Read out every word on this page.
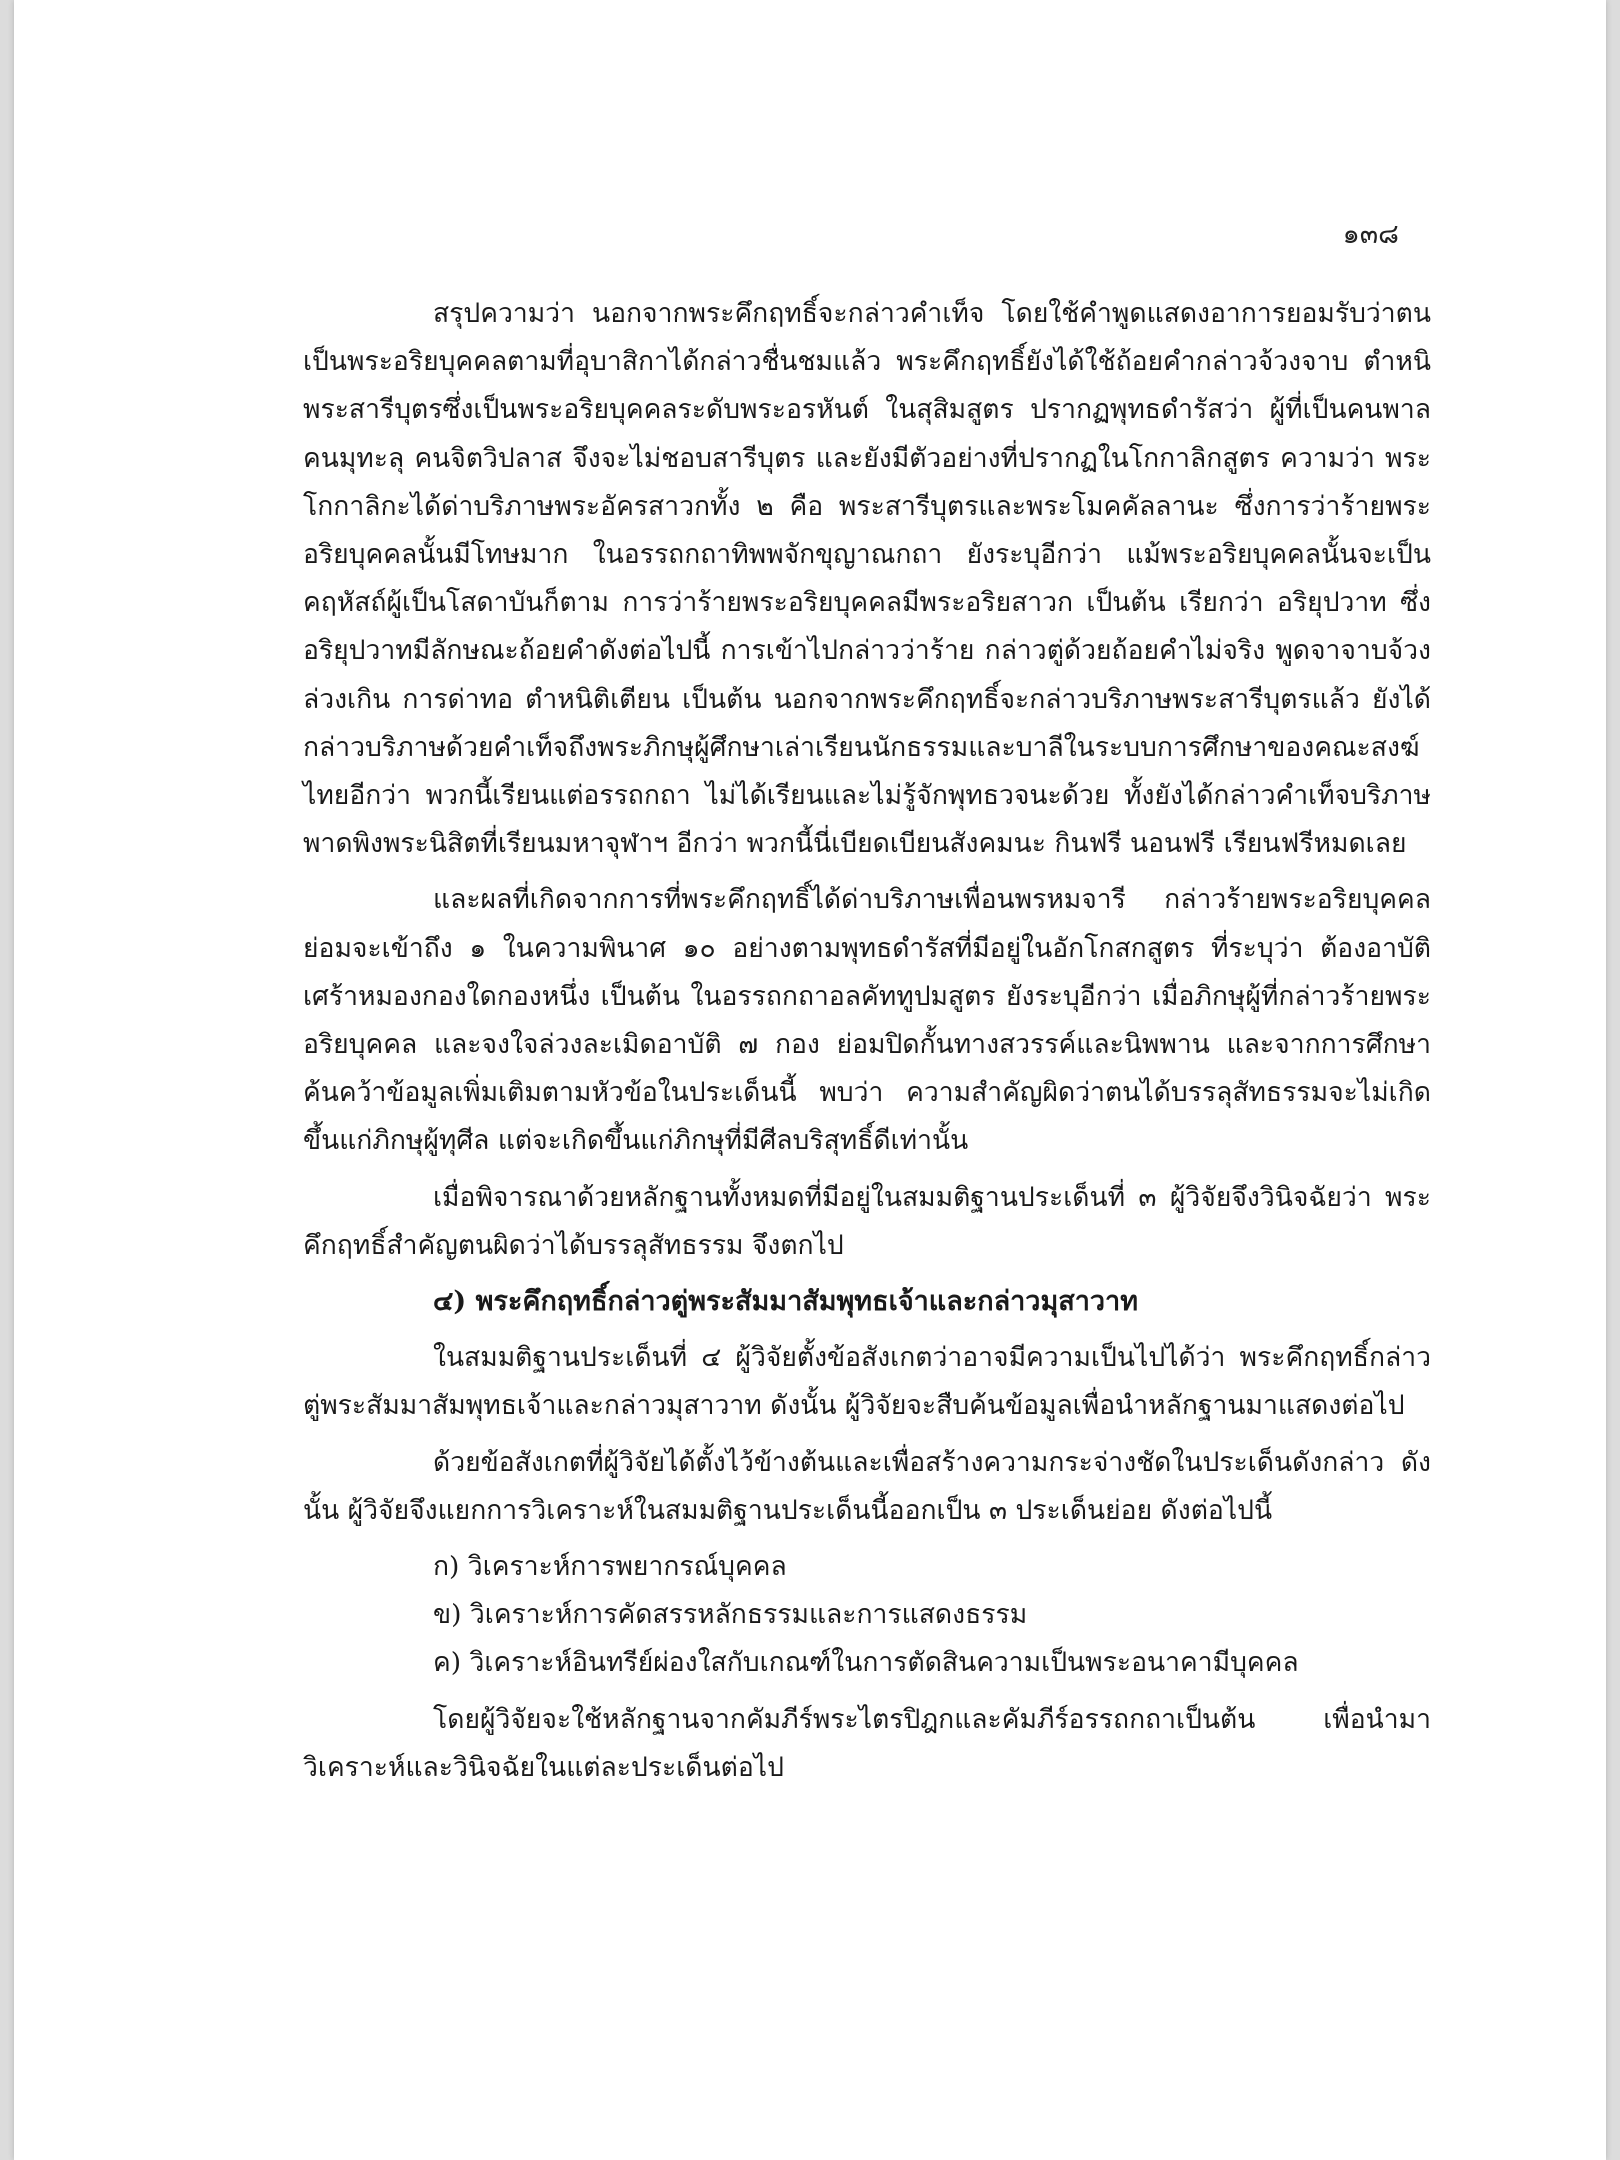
๑๓๘

สรุปความว่า นอกจากพระคึกฤทธิ์จะกล่าวคำเท็จ โดยใช้คำพูดแสดงอาการยอมรับว่าตนเป็นพระอริยบุคคลตามที่อุบาสิกาได้กล่าวชื่นชมแล้ว พระคึกฤทธิ์ยังได้ใช้ถ้อยคำกล่าวจ้วงจาบ ตำหนิพระสารีบุตรซึ่งเป็นพระอริยบุคคลระดับพระอรหันต์ ในสุสิมสูตร ปรากฏพุทธดำรัสว่า ผู้ที่เป็นคนพาล คนมุทะลุ คนจิตวิปลาส จึงจะไม่ชอบสารีบุตร และยังมีตัวอย่างที่ปรากฏในโกกาลิกสูตร ความว่า พระโกกาลิกะได้ด่าบริภาษพระอัครสาวกทั้ง ๒ คือ พระสารีบุตรและพระโมคคัลลานะ ซึ่งการว่าร้ายพระอริยบุคคลนั้นมีโทษมาก ในอรรถกถาทิพพจักขุญาณกถา ยังระบุอีกว่า แม้พระอริยบุคคลนั้นจะเป็นคฤหัสถ์ผู้เป็นโสดาบันก็ตาม การว่าร้ายพระอริยบุคคลมีพระอริยสาวก เป็นต้น เรียกว่า อริยุปวาท ซึ่งอริยุปวาทมีลักษณะถ้อยคำดังต่อไปนี้ การเข้าไปกล่าวว่าร้าย กล่าวตู่ด้วยถ้อยคำไม่จริง พูดจาจาบจ้วงล่วงเกิน การด่าทอ ตำหนิติเตียน เป็นต้น นอกจากพระคึกฤทธิ์จะกล่าวบริภาษพระสารีบุตรแล้ว ยังได้กล่าวบริภาษด้วยคำเท็จถึงพระภิกษุผู้ศึกษาเล่าเรียนนักธรรมและบาลีในระบบการศึกษาของคณะสงฆ์ไทยอีกว่า พวกนี้เรียนแต่อรรถกถา ไม่ได้เรียนและไม่รู้จักพุทธวจนะด้วย ทั้งยังได้กล่าวคำเท็จบริภาษพาดพิงพระนิสิตที่เรียนมหาจุฬาฯ อีกว่า พวกนี้นี่เบียดเบียนสังคมนะ กินฟรี นอนฟรี เรียนฟรีหมดเลย

และผลที่เกิดจากการที่พระคึกฤทธิ์ได้ด่าบริภาษเพื่อนพรหมจารี กล่าวร้ายพระอริยบุคคล ย่อมจะเข้าถึง ๑ ในความพินาศ ๑๐ อย่างตามพุทธดำรัสที่มีอยู่ในอักโกสกสูตร ที่ระบุว่า ต้องอาบัติเศร้าหมองกองใดกองหนึ่ง เป็นต้น ในอรรถกถาอลคัททูปมสูตร ยังระบุอีกว่า เมื่อภิกษุผู้ที่กล่าวร้ายพระอริยบุคคล และจงใจล่วงละเมิดอาบัติ ๗ กอง ย่อมปิดกั้นทางสวรรค์และนิพพาน และจากการศึกษาค้นคว้าข้อมูลเพิ่มเติมตามหัวข้อในประเด็นนี้ พบว่า ความสำคัญผิดว่าตนได้บรรลุสัทธรรมจะไม่เกิดขึ้นแก่ภิกษุผู้ทุศีล แต่จะเกิดขึ้นแก่ภิกษุที่มีศีลบริสุทธิ์ดีเท่านั้น

เมื่อพิจารณาด้วยหลักฐานทั้งหมดที่มีอยู่ในสมมติฐานประเด็นที่ ๓ ผู้วิจัยจึงวินิจฉัยว่า พระคึกฤทธิ์สำคัญตนผิดว่าได้บรรลุสัทธรรม จึงตกไป

๔) พระคึกฤทธิ์กล่าวตู่พระสัมมาสัมพุทธเจ้าและกล่าวมุสาวาท

ในสมมติฐานประเด็นที่ ๔ ผู้วิจัยตั้งข้อสังเกตว่าอาจมีความเป็นไปได้ว่า พระคึกฤทธิ์กล่าวตู่พระสัมมาสัมพุทธเจ้าและกล่าวมุสาวาท ดังนั้น ผู้วิจัยจะสืบค้นข้อมูลเพื่อนำหลักฐานมาแสดงต่อไป

ด้วยข้อสังเกตที่ผู้วิจัยได้ตั้งไว้ข้างต้นและเพื่อสร้างความกระจ่างชัดในประเด็นดังกล่าว ดังนั้น ผู้วิจัยจึงแยกการวิเคราะห์ในสมมติฐานประเด็นนี้ออกเป็น ๓ ประเด็นย่อย ดังต่อไปนี้

ก) วิเคราะห์การพยากรณ์บุคคล
ข) วิเคราะห์การคัดสรรหลักธรรมและการแสดงธรรม
ค) วิเคราะห์อินทรีย์ผ่องใสกับเกณฑ์ในการตัดสินความเป็นพระอนาคามีบุคคล

โดยผู้วิจัยจะใช้หลักฐานจากคัมภีร์พระไตรปิฎกและคัมภีร์อรรถกถาเป็นต้น เพื่อนำมาวิเคราะห์และวินิจฉัยในแต่ละประเด็นต่อไป
